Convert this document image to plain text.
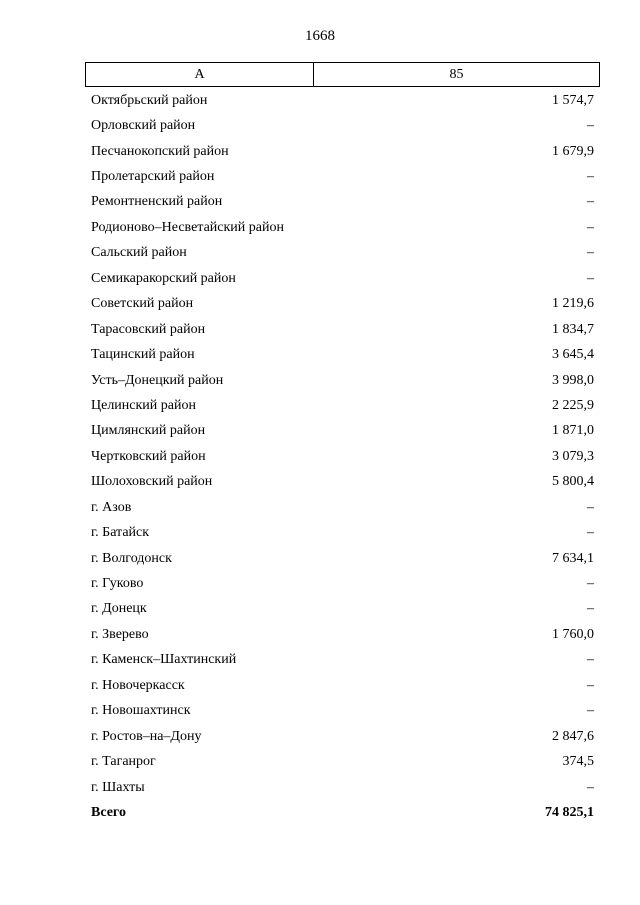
1668
А	85
Октябрьский район	1 574,7
Орловский район	–
Песчанокопский район	1 679,9
Пролетарский район	–
Ремонтненский район	–
Родионово–Несветайский район	–
Сальский район	–
Семикаракорский район	–
Советский район	1 219,6
Тарасовский район	1 834,7
Тацинский район	3 645,4
Усть–Донецкий район	3 998,0
Целинский район	2 225,9
Цимлянский район	1 871,0
Чертковский район	3 079,3
Шолоховский район	5 800,4
г. Азов	–
г. Батайск	–
г. Волгодонск	7 634,1
г. Гуково	–
г. Донецк	–
г. Зверево	1 760,0
г. Каменск–Шахтинский	–
г. Новочеркасск	–
г. Новошахтинск	–
г. Ростов–на–Дону	2 847,6
г. Таганрог	374,5
г. Шахты	–
Всего	74 825,1
